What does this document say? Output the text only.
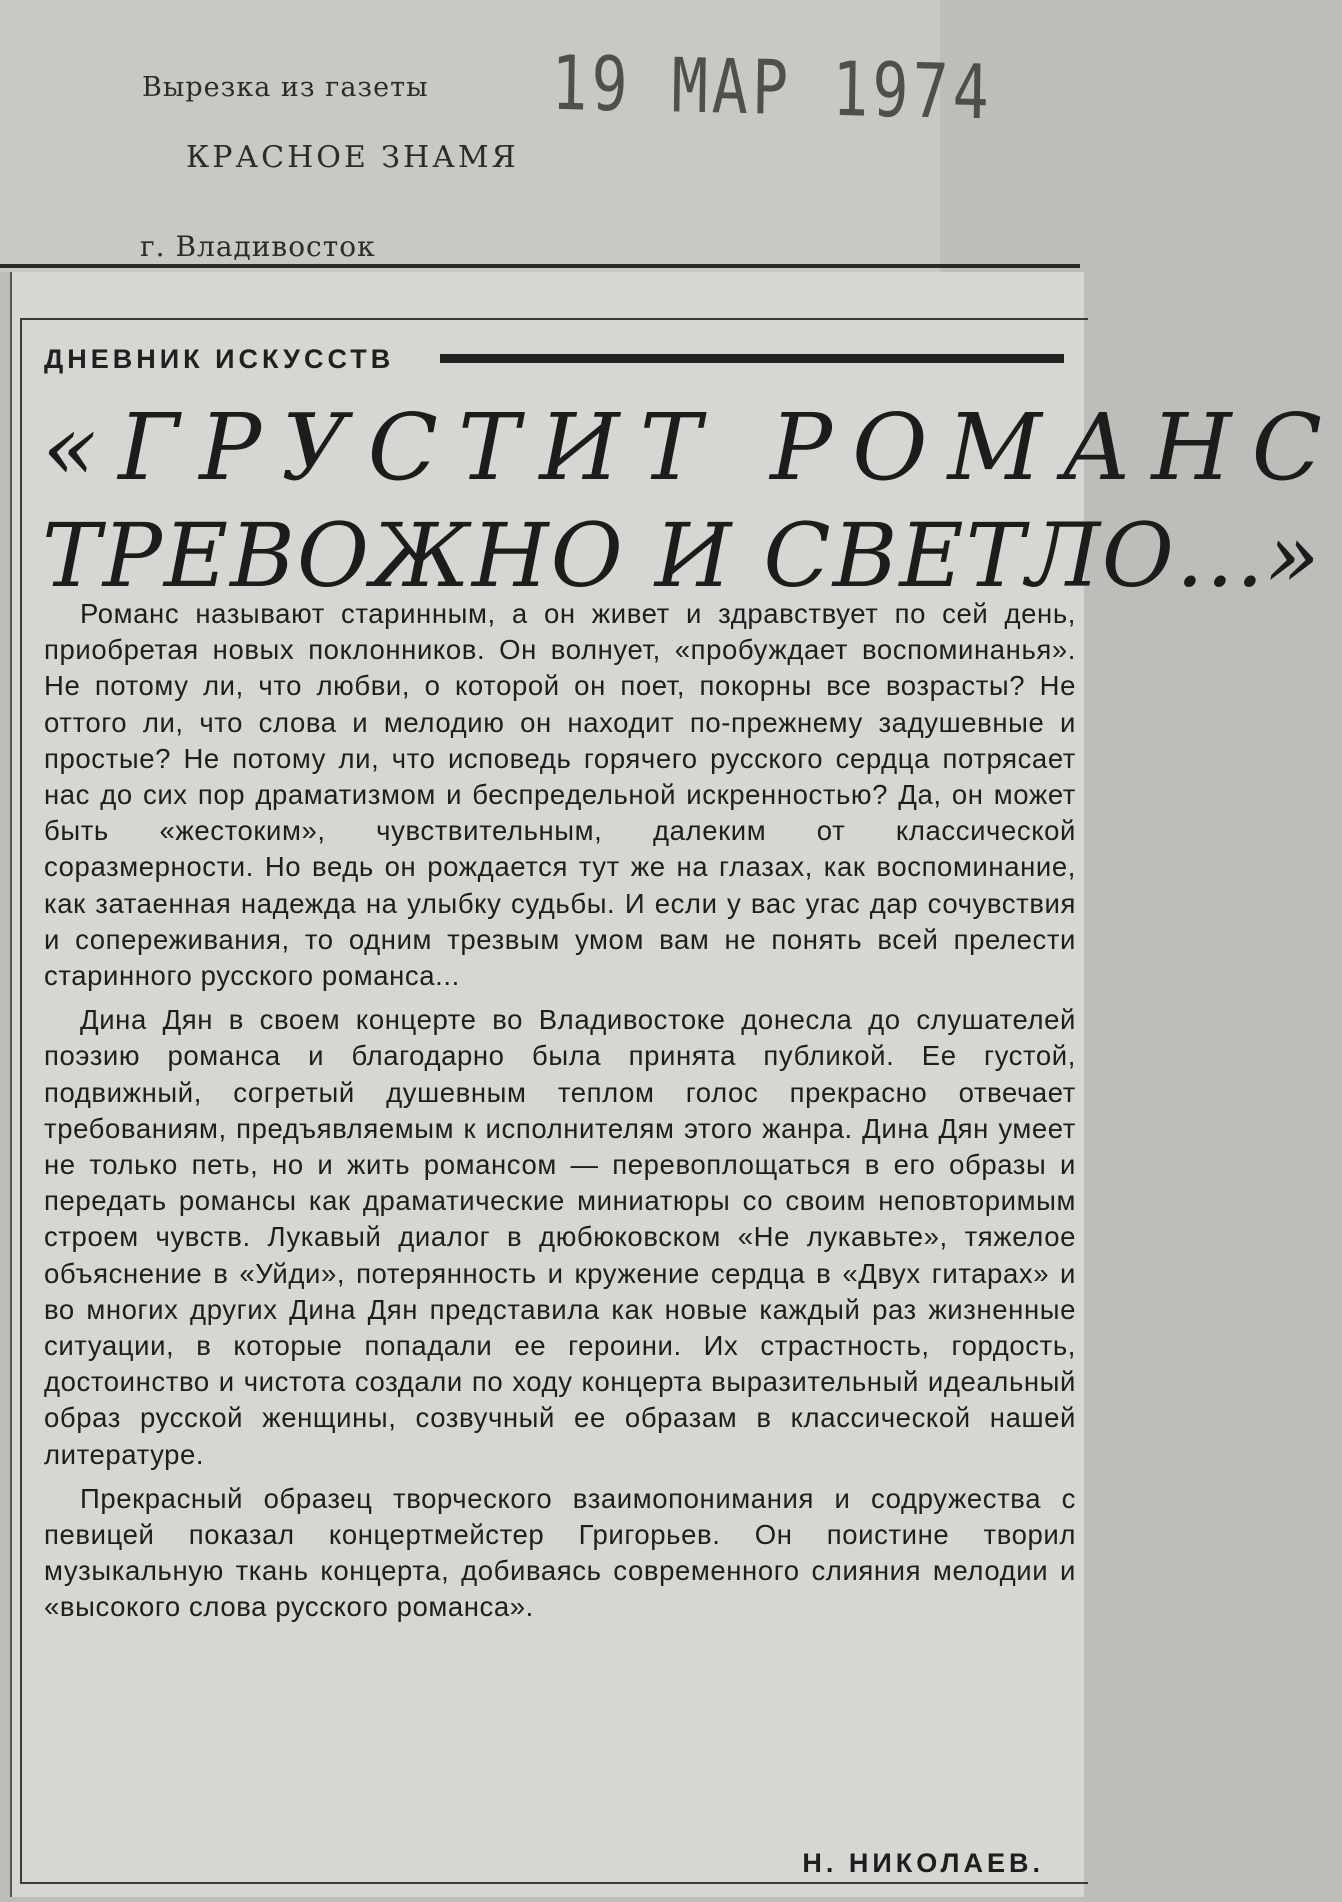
Вырезка из газеты
КРАСНОЕ ЗНАМЯ
г. Владивосток
19 МАР 1974
ДНЕВНИК ИСКУССТВ
«ГРУСТИТ РОМАНС
ТРЕВОЖНО И СВЕТЛО...»

Романс называют старинным, а он живет и здравствует по сей день, приобретая новых поклонников. Он волнует, «пробуждает воспоминанья». Не потому ли, что любви, о которой он поет, покорны все возрасты? Не оттого ли, что слова и мелодию он находит по-прежнему задушевные и простые? Не потому ли, что исповедь горячего русского сердца потрясает нас до сих пор драматизмом и беспредельной искренностью? Да, он может быть «жестоким», чувствительным, далеким от классической соразмерности. Но ведь он рождается тут же на глазах, как воспоминание, как затаенная надежда на улыбку судьбы. И если у вас угас дар сочувствия и сопереживания, то одним трезвым умом вам не понять всей прелести старинного русского романса...

Дина Дян в своем концерте во Владивостоке донесла до слушателей поэзию романса и благодарно была принята публикой. Ее густой, подвижный, согретый душевным теплом голос прекрасно отвечает требованиям, предъявляемым к исполнителям этого жанра. Дина Дян умеет не только петь, но и жить романсом — перевоплощаться в его образы и передать романсы как драматические миниатюры со своим неповторимым строем чувств. Лукавый диалог в дюбюковском «Не лукавьте», тяжелое объяснение в «Уйди», потерянность и кружение сердца в «Двух гитарах» и во многих других Дина Дян представила как новые каждый раз жизненные ситуации, в которые попадали ее героини. Их страстность, гордость, достоинство и чистота создали по ходу концерта выразительный идеальный образ русской женщины, созвучный ее образам в классической нашей литературе.

Прекрасный образец творческого взаимопонимания и содружества с певицей показал концертмейстер Григорьев. Он поистине творил музыкальную ткань концерта, добиваясь современного слияния мелодии и «высокого слова русского романса».

Н. НИКОЛАЕВ.
